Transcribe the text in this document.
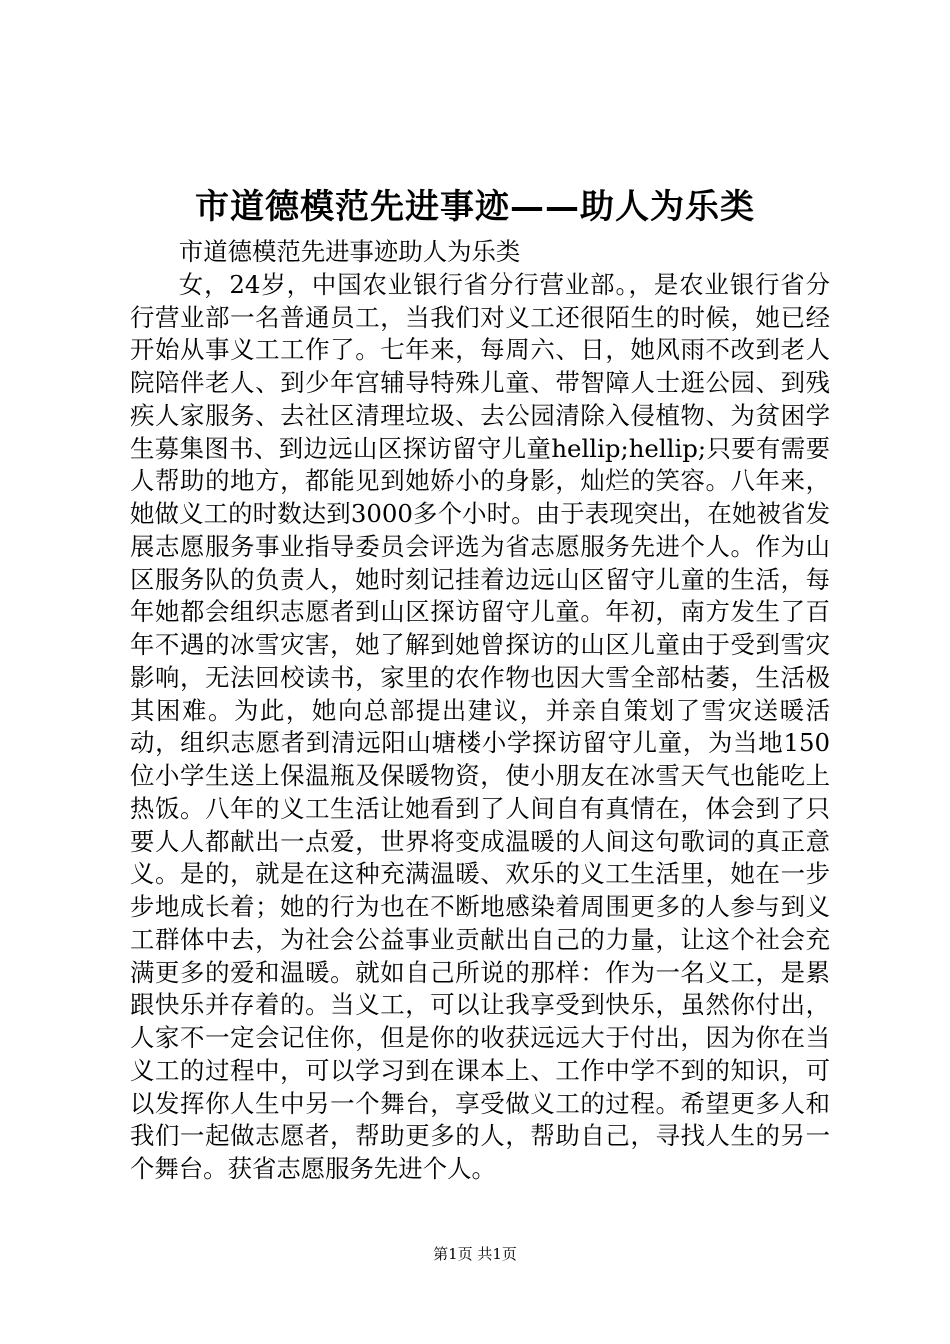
市道德模范先进事迹——助人为乐类

市道德模范先进事迹助人为乐类

女，24岁，中国农业银行省分行营业部。，是农业银行省分行营业部一名普通员工，当我们对义工还很陌生的时候，她已经开始从事义工工作了。七年来，每周六、日，她风雨不改到老人院陪伴老人、到少年宫辅导特殊儿童、带智障人士逛公园、到残疾人家服务、去社区清理垃圾、去公园清除入侵植物、为贫困学生募集图书、到边远山区探访留守儿童hellip;hellip;只要有需要人帮助的地方，都能见到她娇小的身影，灿烂的笑容。八年来，她做义工的时数达到3000多个小时。由于表现突出，在她被省发展志愿服务事业指导委员会评选为省志愿服务先进个人。作为山区服务队的负责人，她时刻记挂着边远山区留守儿童的生活，每年她都会组织志愿者到山区探访留守儿童。年初，南方发生了百年不遇的冰雪灾害，她了解到她曾探访的山区儿童由于受到雪灾影响，无法回校读书，家里的农作物也因大雪全部枯萎，生活极其困难。为此，她向总部提出建议，并亲自策划了雪灾送暖活动，组织志愿者到清远阳山塘楼小学探访留守儿童，为当地150位小学生送上保温瓶及保暖物资，使小朋友在冰雪天气也能吃上热饭。八年的义工生活让她看到了人间自有真情在，体会到了只要人人都献出一点爱，世界将变成温暖的人间这句歌词的真正意义。是的，就是在这种充满温暖、欢乐的义工生活里，她在一步步地成长着；她的行为也在不断地感染着周围更多的人参与到义工群体中去，为社会公益事业贡献出自己的力量，让这个社会充满更多的爱和温暖。就如自己所说的那样：作为一名义工，是累跟快乐并存着的。当义工，可以让我享受到快乐，虽然你付出，人家不一定会记住你，但是你的收获远远大于付出，因为你在当义工的过程中，可以学习到在课本上、工作中学不到的知识，可以发挥你人生中另一个舞台，享受做义工的过程。希望更多人和我们一起做志愿者，帮助更多的人，帮助自己，寻找人生的另一个舞台。获省志愿服务先进个人。

第1页 共1页
